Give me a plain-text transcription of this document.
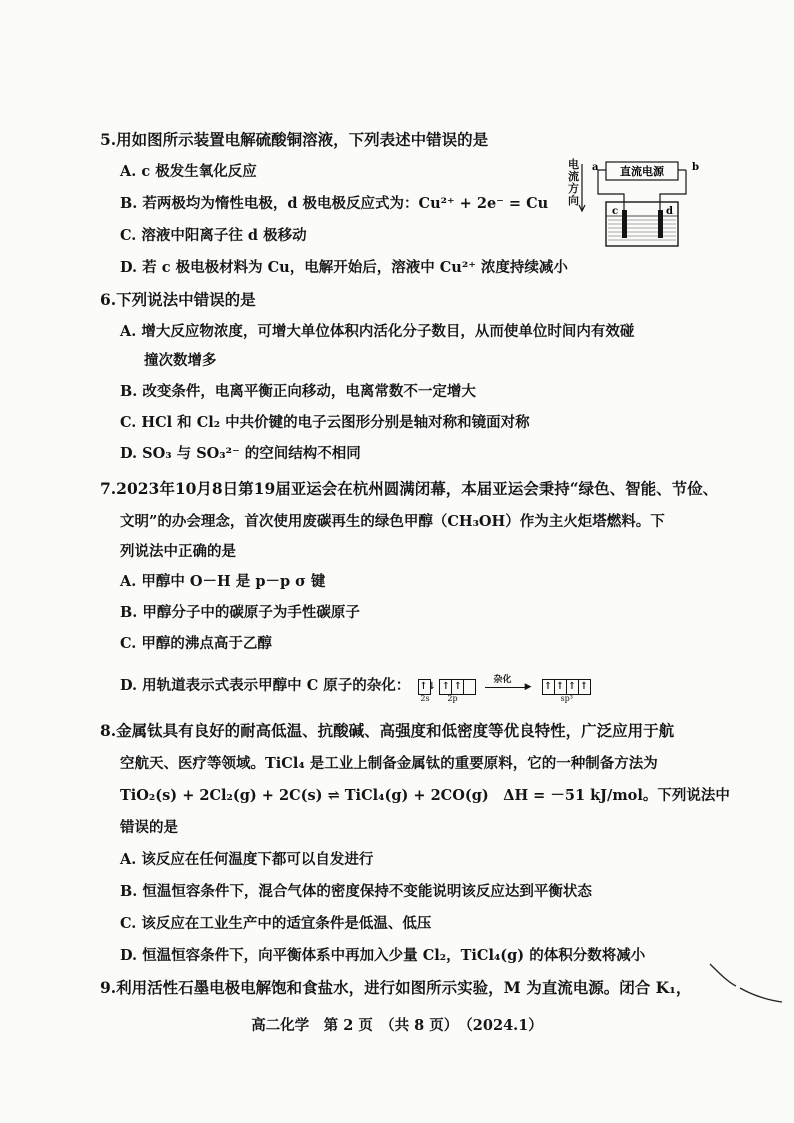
5.用如图所示装置电解硫酸铜溶液，下列表述中错误的是
A. c 极发生氧化反应
B. 若两极均为惰性电极，d 极电极反应式为：Cu²⁺ + 2e⁻ = Cu
C. 溶液中阳离子往 d 极移动
D. 若 c 极电极材料为 Cu，电解开始后，溶液中 Cu²⁺ 浓度持续减小
电
流
方
向
a	b
直流电源
c	d
6.下列说法中错误的是
A. 增大反应物浓度，可增大单位体积内活化分子数目，从而使单位时间内有效碰
撞次数增多
B. 改变条件，电离平衡正向移动，电离常数不一定增大
C. HCl 和 Cl₂ 中共价键的电子云图形分别是轴对称和镜面对称
D. SO₃ 与 SO₃²⁻ 的空间结构不相同
7.2023年10月8日第19届亚运会在杭州圆满闭幕，本届亚运会秉持“绿色、智能、节俭、
文明”的办会理念，首次使用废碳再生的绿色甲醇（CH₃OH）作为主火炬塔燃料。下
列说法中正确的是
A. 甲醇中 O－H 是 p－p σ 键
B. 甲醇分子中的碳原子为手性碳原子
C. 甲醇的沸点高于乙醇
D. 用轨道表示式表示甲醇中 C 原子的杂化： ↑↓ ↑ ↑
2s 2p

杂化
▶ ↑ ↑ ↑ ↑
sp³
8.金属钛具有良好的耐高低温、抗酸碱、高强度和低密度等优良特性，广泛应用于航
空航天、医疗等领域。TiCl₄ 是工业上制备金属钛的重要原料，它的一种制备方法为
TiO₂(s) + 2Cl₂(g) + 2C(s) ⇌ TiCl₄(g) + 2CO(g)　ΔH = －51 kJ/mol。下列说法中
错误的是
A. 该反应在任何温度下都可以自发进行
B. 恒温恒容条件下，混合气体的密度保持不变能说明该反应达到平衡状态
C. 该反应在工业生产中的适宜条件是低温、低压
D. 恒温恒容条件下，向平衡体系中再加入少量 Cl₂，TiCl₄(g) 的体积分数将减小
9.利用活性石墨电极电解饱和食盐水，进行如图所示实验，M 为直流电源。闭合 K₁，
高二化学　第 2 页　（共 8 页）　（2024.1）
